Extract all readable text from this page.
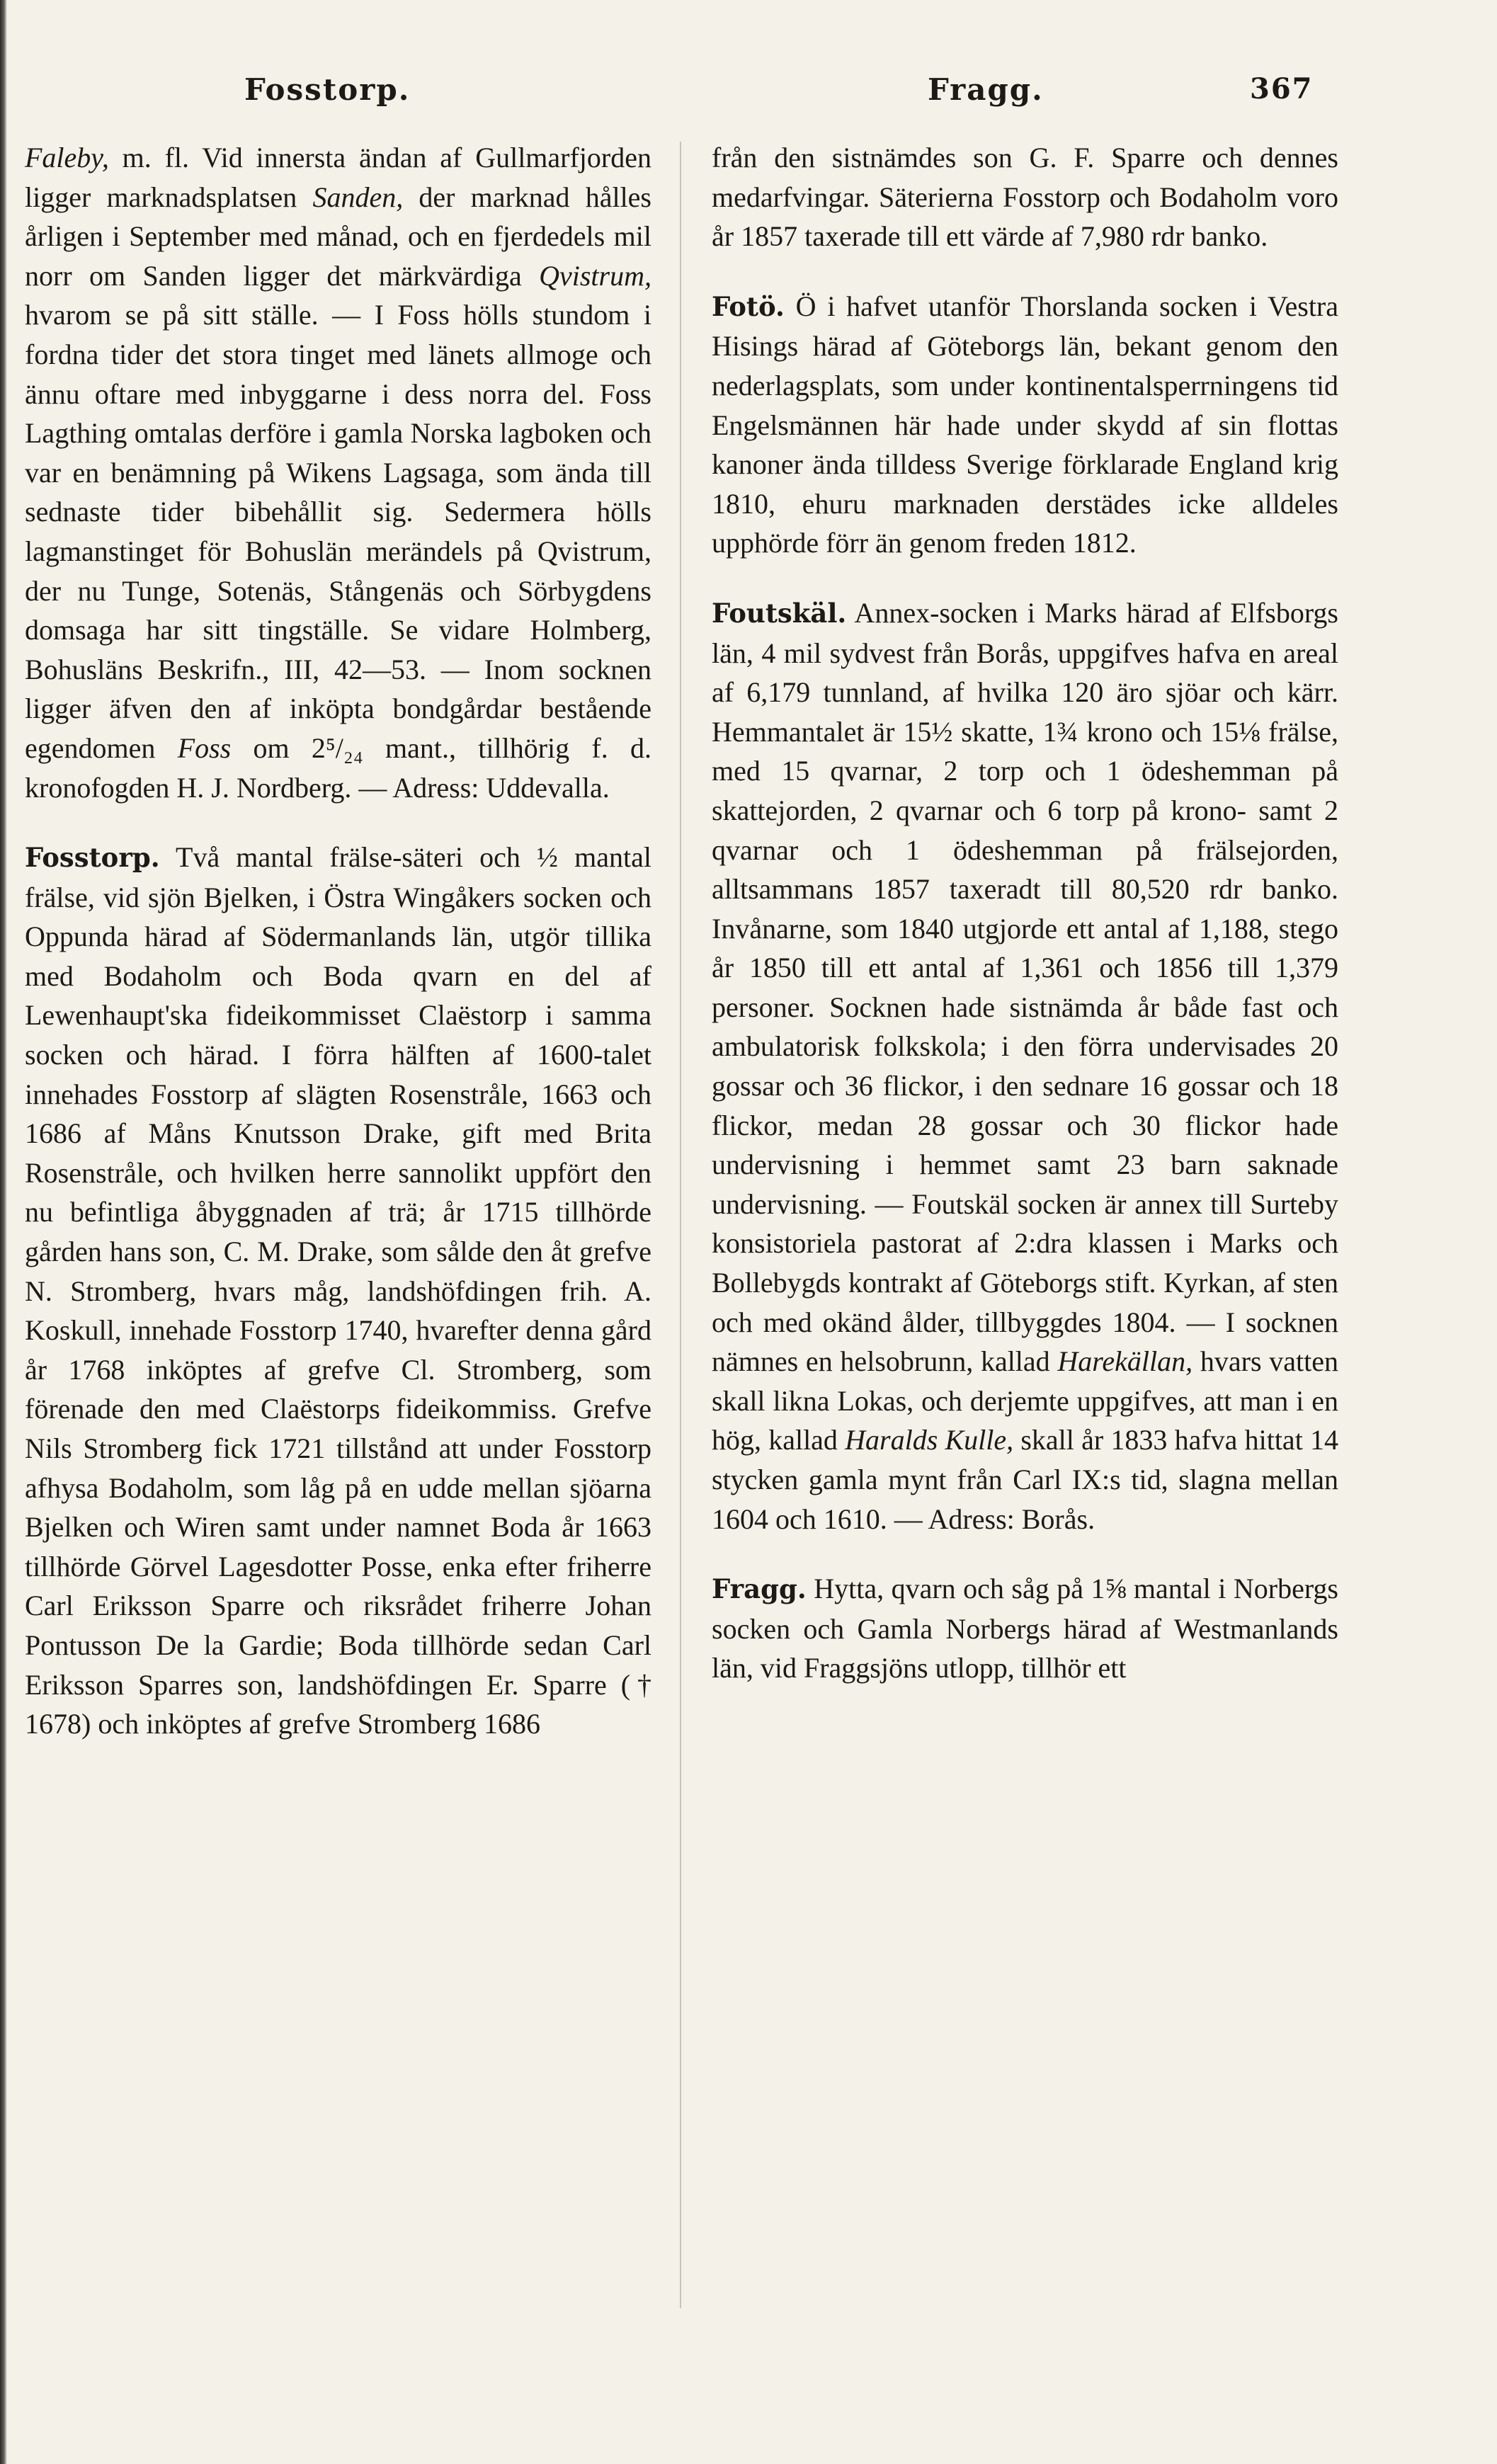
Fosstorp.	Fragg.	367

Faleby, m. fl. Vid innersta ändan af Gullmarfjorden ligger marknadsplatsen Sanden, der marknad hålles årligen i September med månad, och en fjerdedels mil norr om Sanden ligger det märkvärdiga Qvistrum, hvarom se på sitt ställe. — I Foss hölls stundom i fordna tider det stora tinget med länets allmoge och ännu oftare med inbyggarne i dess norra del. Foss Lagthing omtalas derföre i gamla Norska lagboken och var en benämning på Wikens Lagsaga, som ända till sednaste tider bibehållit sig. Sedermera hölls lagmanstinget för Bohuslän merändels på Qvistrum, der nu Tunge, Sotenäs, Stångenäs och Sörbygdens domsaga har sitt tingställe. Se vidare Holmberg, Bohusläns Beskrifn., III, 42—53. — Inom socknen ligger äfven den af inköpta bondgårdar bestående egendomen Foss om 2⁵/₂₄ mant., tillhörig f. d. kronofogden H. J. Nordberg. — Adress: Uddevalla.

Fosstorp. Två mantal frälse-säteri och ½ mantal frälse, vid sjön Bjelken, i Östra Wingåkers socken och Oppunda härad af Södermanlands län, utgör tillika med Bodaholm och Boda qvarn en del af Lewenhaupt'ska fideikommisset Claëstorp i samma socken och härad. I förra hälften af 1600-talet innehades Fosstorp af slägten Rosenstråle, 1663 och 1686 af Måns Knutsson Drake, gift med Brita Rosenstråle, och hvilken herre sannolikt uppfört den nu befintliga åbyggnaden af trä; år 1715 tillhörde gården hans son, C. M. Drake, som sålde den åt grefve N. Stromberg, hvars måg, landshöfdingen frih. A. Koskull, innehade Fosstorp 1740, hvarefter denna gård år 1768 inköptes af grefve Cl. Stromberg, som förenade den med Claëstorps fideikommiss. Grefve Nils Stromberg fick 1721 tillstånd att under Fosstorp afhysa Bodaholm, som låg på en udde mellan sjöarna Bjelken och Wiren samt under namnet Boda år 1663 tillhörde Görvel Lagesdotter Posse, enka efter friherre Carl Eriksson Sparre och riksrådet friherre Johan Pontusson De la Gardie; Boda tillhörde sedan Carl Eriksson Sparres son, landshöfdingen Er. Sparre († 1678) och inköptes af grefve Stromberg 1686

från den sistnämdes son G. F. Sparre och dennes medarfvingar. Säterierna Fosstorp och Bodaholm voro år 1857 taxerade till ett värde af 7,980 rdr banko.

Fotö. Ö i hafvet utanför Thorslanda socken i Vestra Hisings härad af Göteborgs län, bekant genom den nederlagsplats, som under kontinentalsperrningens tid Engelsmännen här hade under skydd af sin flottas kanoner ända tilldess Sverige förklarade England krig 1810, ehuru marknaden derstädes icke alldeles upphörde förr än genom freden 1812.

Foutskäl. Annex-socken i Marks härad af Elfsborgs län, 4 mil sydvest från Borås, uppgifves hafva en areal af 6,179 tunnland, af hvilka 120 äro sjöar och kärr. Hemmantalet är 15½ skatte, 1¾ krono och 15⅛ frälse, med 15 qvarnar, 2 torp och 1 ödeshemman på skattejorden, 2 qvarnar och 6 torp på krono- samt 2 qvarnar och 1 ödeshemman på frälsejorden, alltsammans 1857 taxeradt till 80,520 rdr banko. Invånarne, som 1840 utgjorde ett antal af 1,188, stego år 1850 till ett antal af 1,361 och 1856 till 1,379 personer. Socknen hade sistnämda år både fast och ambulatorisk folkskola; i den förra undervisades 20 gossar och 36 flickor, i den sednare 16 gossar och 18 flickor, medan 28 gossar och 30 flickor hade undervisning i hemmet samt 23 barn saknade undervisning. — Foutskäl socken är annex till Surteby konsistoriela pastorat af 2:dra klassen i Marks och Bollebygds kontrakt af Göteborgs stift. Kyrkan, af sten och med okänd ålder, tillbyggdes 1804. — I socknen nämnes en helsobrunn, kallad Harekällan, hvars vatten skall likna Lokas, och derjemte uppgifves, att man i en hög, kallad Haralds Kulle, skall år 1833 hafva hittat 14 stycken gamla mynt från Carl IX:s tid, slagna mellan 1604 och 1610. — Adress: Borås.

Fragg. Hytta, qvarn och såg på 1⅝ mantal i Norbergs socken och Gamla Norbergs härad af Westmanlands län, vid Fraggsjöns utlopp, tillhör ett
